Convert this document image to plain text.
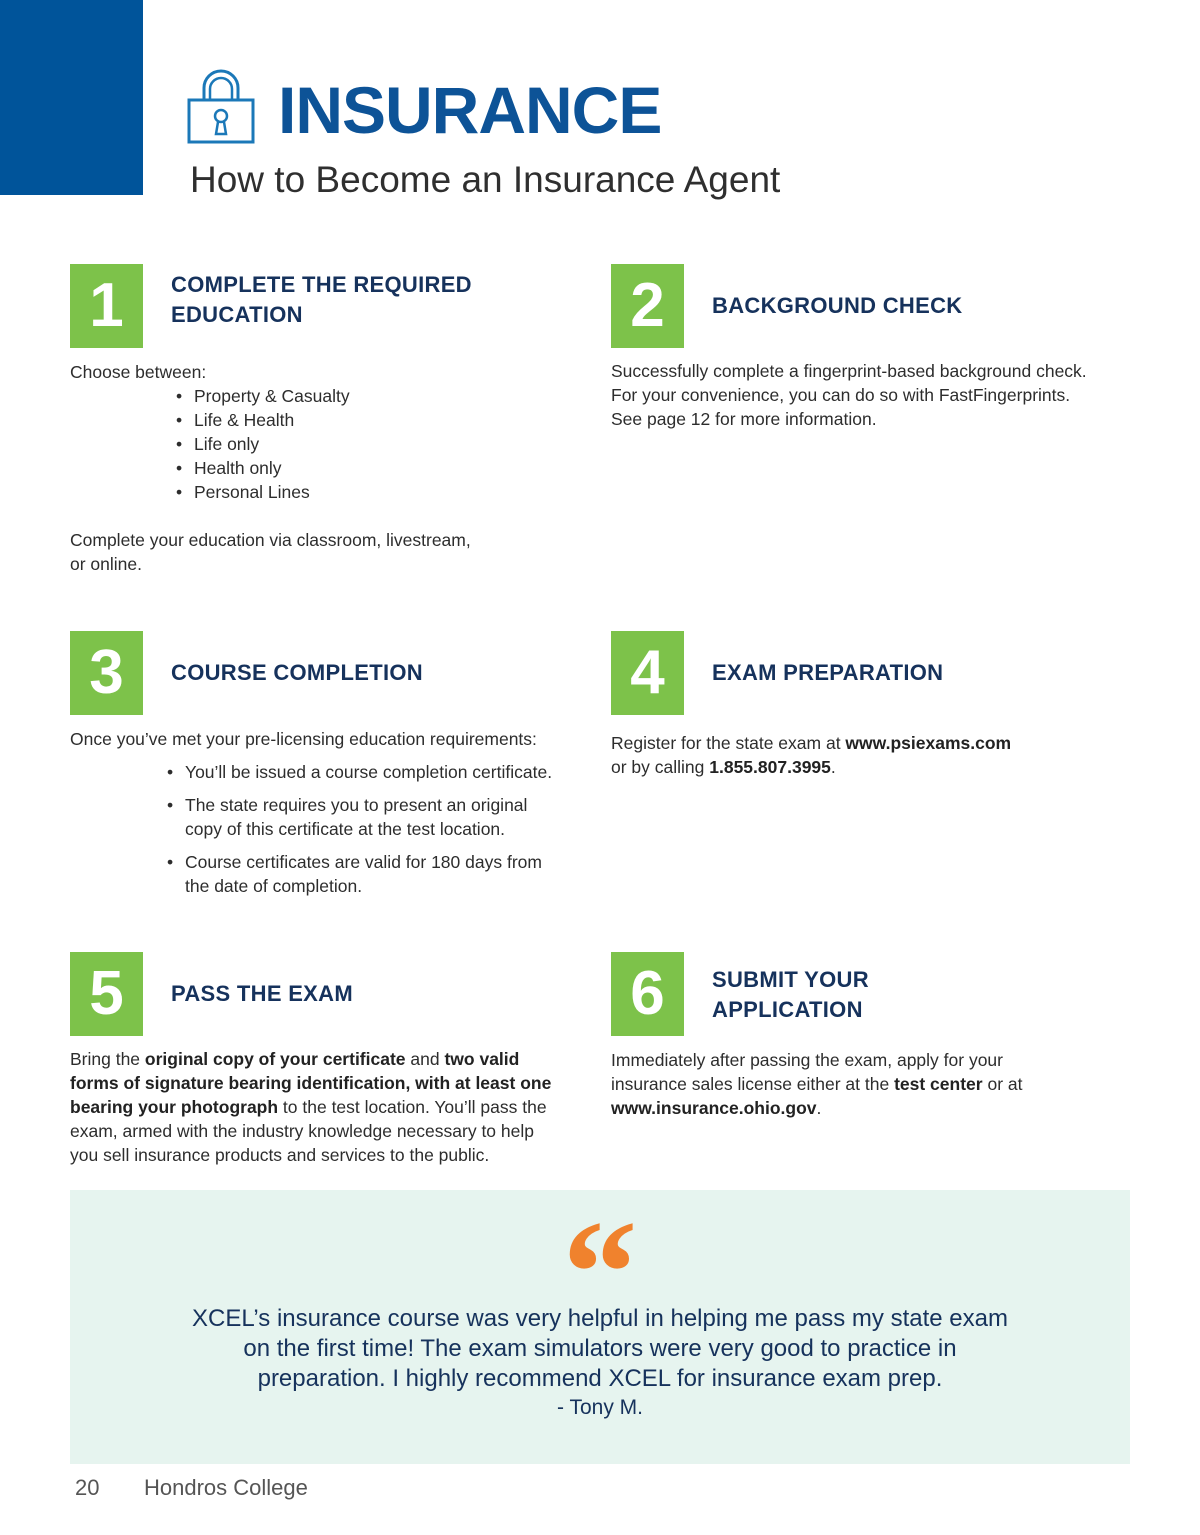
INSURANCE
How to Become an Insurance Agent
1	COMPLETE THE REQUIRED
EDUCATION
Choose between:
• Property & Casualty
• Life & Health
• Life only
• Health only
• Personal Lines
Complete your education via classroom, livestream,
or online.
2	BACKGROUND CHECK
Successfully complete a fingerprint-based background check.
For your convenience, you can do so with FastFingerprints.
See page 12 for more information.
3	COURSE COMPLETION
Once you’ve met your pre-licensing education requirements:
• You’ll be issued a course completion certificate.
• The state requires you to present an original
copy of this certificate at the test location.
• Course certificates are valid for 180 days from
the date of completion.
4	EXAM PREPARATION
Register for the state exam at www.psiexams.com
or by calling 1.855.807.3995.
5	PASS THE EXAM
Bring the original copy of your certificate and two valid forms of signature bearing identification, with at least one bearing your photograph to the test location. You’ll pass the exam, armed with the industry knowledge necessary to help you sell insurance products and services to the public.
6	SUBMIT YOUR
APPLICATION
Immediately after passing the exam, apply for your insurance sales license either at the test center or at www.insurance.ohio.gov.
“
XCEL’s insurance course was very helpful in helping me pass my state exam on the first time! The exam simulators were very good to practice in preparation. I highly recommend XCEL for insurance exam prep.
- Tony M.
20 Hondros College
